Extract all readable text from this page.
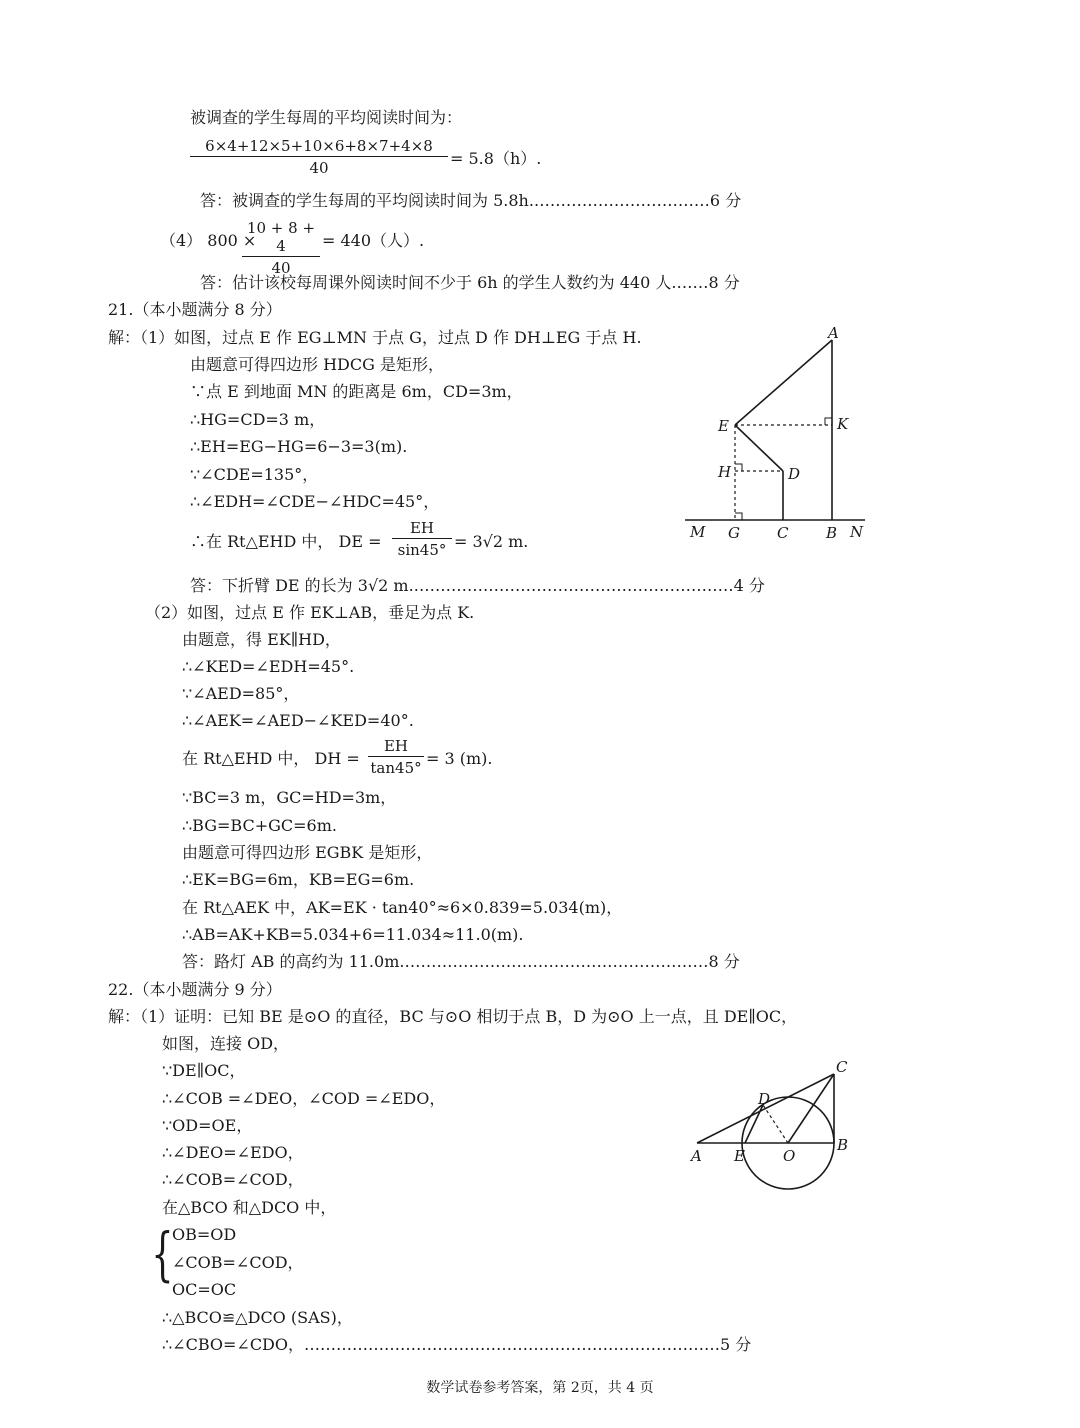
被调查的学生每周的平均阅读时间为：
$\frac{6\times 4+12\times 5+10\times 6+8\times 7+4\times 8}{40} = 5.8(h)$.
答：被调查的学生每周的平均阅读时间为 5.8h.……………………………6 分
（4） 800 ×
$\frac{10 + 8 + 4}{40} = 440$（人）.
答：估计该校每周课外阅读时间不少于 6h 的学生人数约为 440 人.……8 分
21.（本小题满分 8 分）
解：（1）如图，过点 E 作 EG⊥MN 于点 G，过点 D 作 DH⊥EG 于点 H.
由题意可得四边形 HDCG 是矩形，
∵点 E 到地面 MN 的距离是 6m，CD=3m，
∴HG=CD=3 m，
∴EH=EG−HG=6−3=3(m).
∵∠CDE=135°，
∴∠EDH=∠CDE−∠HDC=45°，
∴在 Rt△EHD 中， DE = $\frac{EH}{\sin 45^\circ} = 3√2$ m.
答：下折臂 DE 的长为 3√2 m.……………………………………………………4 分
（2）如图，过点 E 作 EK⊥AB，垂足为点 K.
由题意，得 EK∥HD，
∴∠KED=∠EDH=45°.
∵∠AED=85°，
∴∠AEK=∠AED−∠KED=40°.
在 Rt△EHD 中， DH = $\frac{EH}{\tan 45^\circ} = 3$ (m).
∵BC=3 m，GC=HD=3m，
∴BG=BC+GC=6m.
由题意可得四边形 EGBK 是矩形，
∴EK=BG=6m，KB=EG=6m.
在 Rt△AEK 中，AK=EK · tan40°≈6×0.839=5.034(m)，
∴AB=AK+KB=5.034+6=11.034≈11.0(m).
答：路灯 AB 的高约为 11.0m.…………………………………………………8 分
A
K
E
H	D
M G C	B N
22.（本小题满分 9 分）
解：（1）证明：已知 BE 是⊙O 的直径，BC 与⊙O 相切于点 B，D 为⊙O 上一点，且 DE∥OC，
如图，连接 OD，
∵DE∥OC，
∴∠COB =∠DEO，∠COD =∠EDO，
∵OD=OE，
∴∠DEO=∠EDO，
∴∠COB=∠COD，
在△BCO 和△DCO 中，
{
OB=OD
∠COB=∠COD，
OC=OC
∴△BCO≌△DCO (SAS)，
∴∠CBO=∠CDO，……………………………………………………………………5 分
C
D
B
A E	O
数学试卷参考答案，第 2页，共 4 页
